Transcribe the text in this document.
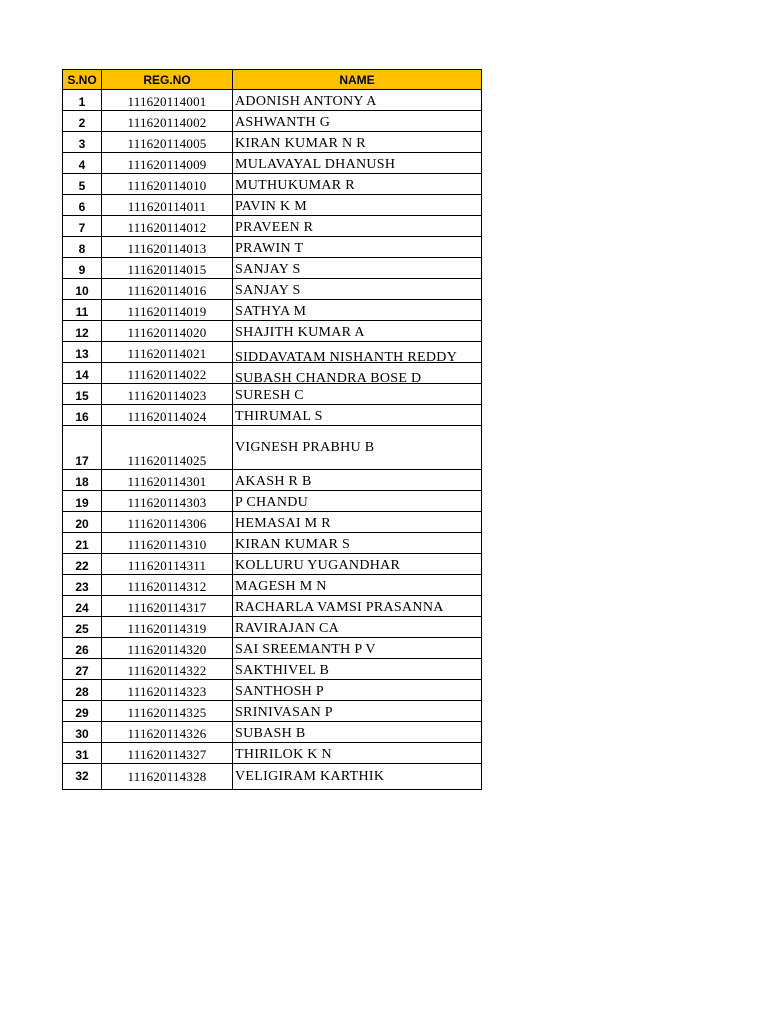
S.NO	REG.NO	NAME
1	111620114001	ADONISH ANTONY A
2	111620114002	ASHWANTH G
3	111620114005	KIRAN KUMAR N R
4	111620114009	MULAVAYAL DHANUSH
5	111620114010	MUTHUKUMAR R
6	111620114011	PAVIN K M
7	111620114012	PRAVEEN R
8	111620114013	PRAWIN T
9	111620114015	SANJAY S
10	111620114016	SANJAY S
11	111620114019	SATHYA M
12	111620114020	SHAJITH KUMAR A
13	111620114021	SIDDAVATAM NISHANTH REDDY

14	111620114022	SUBASH CHANDRA BOSE D

15	111620114023	SURESH C
16	111620114024	THIRUMAL S
17	111620114025	VIGNESH PRABHU B
18	111620114301	AKASH R B
19	111620114303	P CHANDU
20	111620114306	HEMASAI M R
21	111620114310	KIRAN KUMAR S
22	111620114311	KOLLURU YUGANDHAR
23	111620114312	MAGESH M N
24	111620114317	RACHARLA VAMSI PRASANNA
25	111620114319	RAVIRAJAN CA
26	111620114320	SAI SREEMANTH P V
27	111620114322	SAKTHIVEL B
28	111620114323	SANTHOSH P
29	111620114325	SRINIVASAN P
30	111620114326	SUBASH B
31	111620114327	THIRILOK K N
32	111620114328	VELIGIRAM KARTHIK
